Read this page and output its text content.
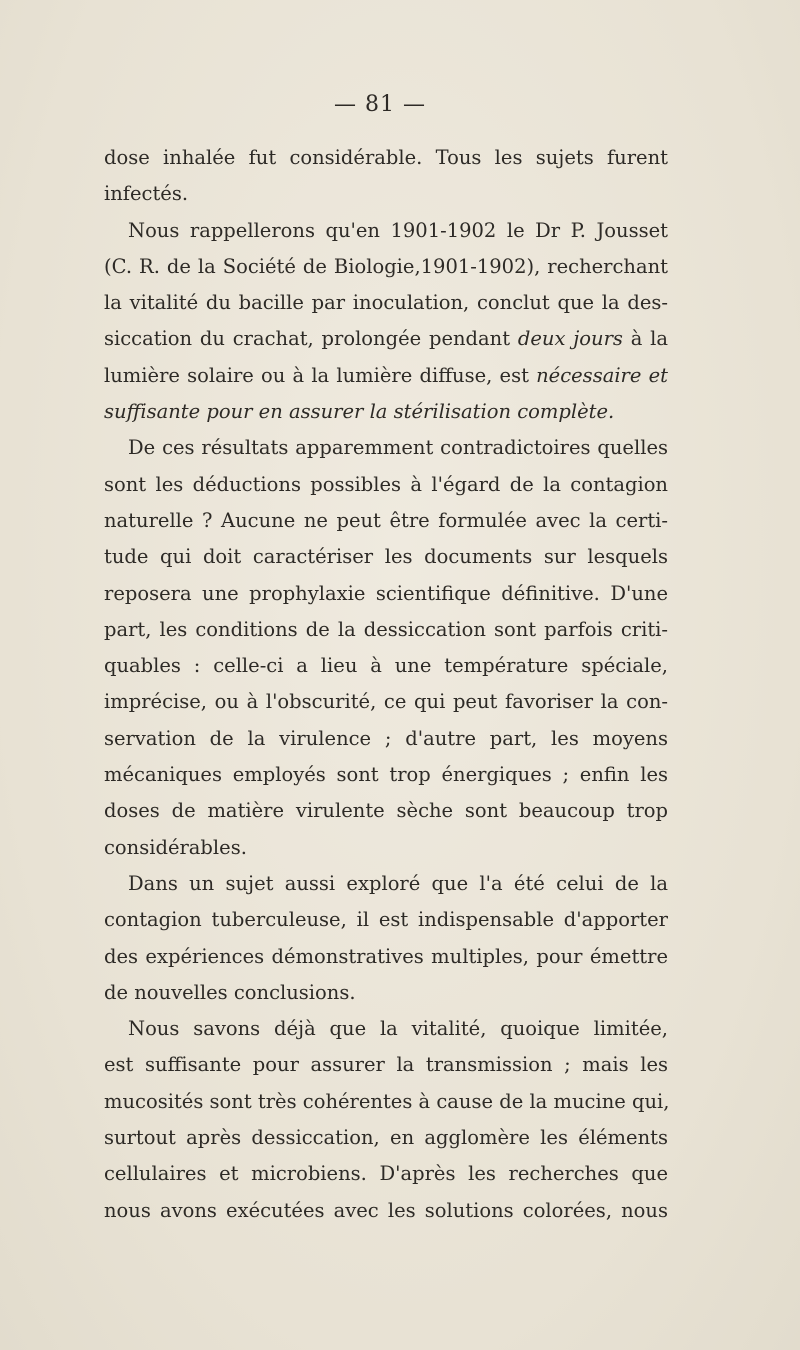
— 81 —
dose inhalée fut considérable. Tous les sujets furent
infectés.
Nous rappellerons qu'en 1901-1902 le Dr P. Jousset
(C. R. de la Société de Biologie,1901-1902), recherchant
la vitalité du bacille par inoculation, conclut que la des-
siccation du crachat, prolongée pendant deux jours à la
lumière solaire ou à la lumière diffuse, est nécessaire et
suffisante pour en assurer la stérilisation complète.
De ces résultats apparemment contradictoires quelles
sont les déductions possibles à l'égard de la contagion
naturelle ? Aucune ne peut être formulée avec la certi-
tude qui doit caractériser les documents sur lesquels
reposera une prophylaxie scientifique définitive. D'une
part, les conditions de la dessiccation sont parfois criti-
quables : celle-ci a lieu à une température spéciale,
imprécise, ou à l'obscurité, ce qui peut favoriser la con-
servation de la virulence ; d'autre part, les moyens
mécaniques employés sont trop énergiques ; enfin les
doses de matière virulente sèche sont beaucoup trop
considérables.
Dans un sujet aussi exploré que l'a été celui de la
contagion tuberculeuse, il est indispensable d'apporter
des expériences démonstratives multiples, pour émettre
de nouvelles conclusions.
Nous savons déjà que la vitalité, quoique limitée,
est suffisante pour assurer la transmission ; mais les
mucosités sont très cohérentes à cause de la mucine qui,
surtout après dessiccation, en agglomère les éléments
cellulaires et microbiens. D'après les recherches que
nous avons exécutées avec les solutions colorées, nous
